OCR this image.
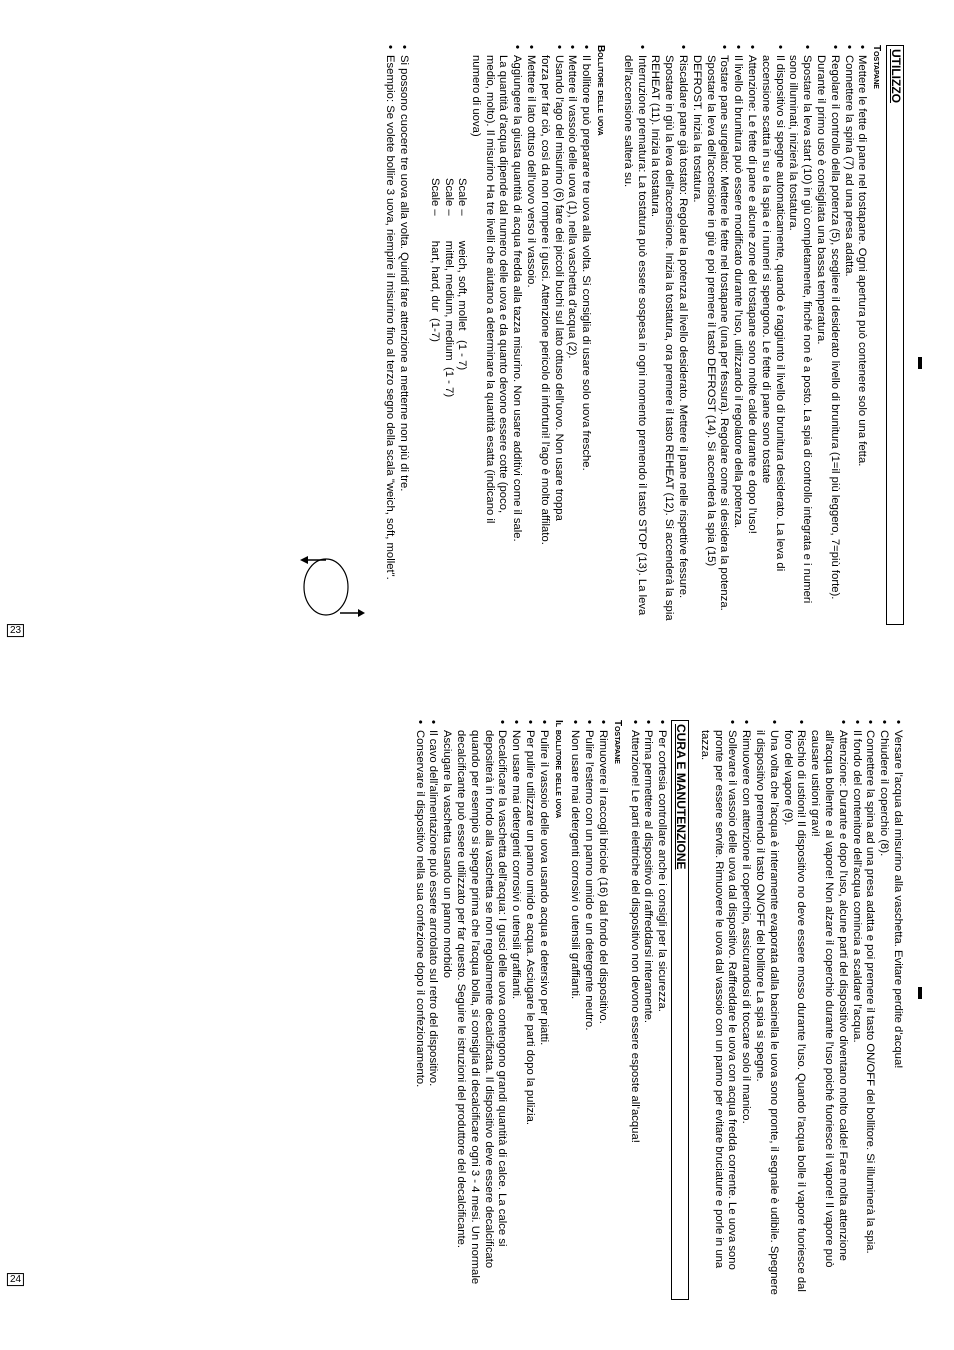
UTILIZZO
Tostapane
• Mettere le fette di pane nel tostapane. Ogni apertura può contenere solo una fetta.
• Connettere la spina (7) ad una presa adatta.
• Regolare il controllo della potenza (5), scegliere il desiderato livello di brunitura (1=il più leggero, 7=più forte). Durante il primo uso è consigliata una bassa temperatura.
• Spostare la leva start (10) in giù completamente, finché non è a posto. La spia di controllo integrata e i numeri sono illuminati, inizierà la tostatura.
• Il dispositivo si spegne automaticamente, quando è raggiunto il livello di brunitura desiderato. La leva di accensione scatta in su e la spia e i numeri si spengono. Le fette di pane sono tostate
• Attenzione: Le fette di pane e alcune zone del tostapane sono molte calde durante e dopo l'uso!
• Il livello di brunitura può essere modificato durante l'uso, utilizzando il regolatore della potenza.
• Tostare pane surgelato: Mettere le fette nel tostapane (una per fessura). Regolare come si desidera la potenza. Spostare la leva dell'accensione in giù e poi premere il tasto DEFROST (14). Si accenderà la spia (15) DEFROST. Inizia la tostatura.
• Riscaldare pane già tostato: Regolare la potenza al livello desiderato. Mettere il pane nelle rispettive fessure. Spostare in giù la leva dell'accensione. Inizia la tostatura, ora premere il tasto REHEAT (12). Si accenderà la spia REHEAT (11). Inizia la tostatura.
• Interruzione prematura: La tostatura può essere sospesa in ogni momento premendo il tasto STOP (13). La leva dell'accensione salterà su.
Bollitore delle uova
• Il bollitore può preparare tre uova alla volta. Si consiglia di usare solo uova fresche.
• Mettere il vassoio delle uova (1), nella vaschetta d'acqua (2).
• Usando l'ago del misurino (6) fare dei piccoli buchi sul lato ottuso dell'uovo. Non usare troppa forza per far ciò, così da non rompere i gusci. Attenzione pericolo di infortuni! l'ago è molto affilato.
• Mettere il lato ottuso dell'uovo verso il vassoio.
• Aggiungere la giusta quantità di acqua fredda alla tazza misurino. Non usare additivi come il sale. La quantità d'acqua dipende dal numero delle uova e da quanto devono essere cotte (poco, medio, molto). Il misurino Ha tre livelli che aiutano a determinare la quantità esatta (indicano il numero di uova)
Scale –        weich, soft, mollet   (1 - 7)
Scale –        mittel, medium, medium  (1 - 7)
Scale –        hart, hard, dur  (1-7)
• Si possono cuocere tre uova alla volta. Quindi fare attenzione a metterne non più di tre.
• Esempio: Se volete bollire 3 uova, riempire il misurino fino al terzo segno della scala "weich, soft, mollet".
23
• Versare l'acqua dal misurino alla vaschetta. Evitare perdite d'acqua!
• Chiudere il coperchio (8).
• Connettere la spina ad una presa adatta e poi premere il tasto ON/OFF del bollitore. Si illuminerà la spia.
• Il fondo del contenitore dell'acqua comincia a scaldare l'acqua.
• Attenzione: Durante e dopo l'uso, alcune parti del dispositivo diventano molto calde! Fare molta attenzione all'acqua bollente e al vapore! Non alzare il coperchio durante l'uso poiché fuoriesce il vapore! Il vapore può causare ustioni gravi!
• Rischio di ustioni! Il dispositivo no deve essere mosso durante l'uso. Quando l'acqua bolle il vapore fuoriesce dal foro del vapore (9).
• Una volta che l'acqua è interamente evaporata dalla bacinella le uova sono pronte, il segnale è udibile. Spegnere il dispositivo premendo il tasto ON/OFF del bollitore La spia si spegne.
• Rimuovere con attenzione il coperchio, assicurandosi di toccare solo il manico.
• Sollevare il vassoio delle uova dal dispositivo. Raffreddare le uova con acqua fredda corrente. Le uova sono pronte per essere servite. Rimuovere le uova dal vassoio con un panno per evitare bruciature e porle in una tazza.
CURA E MANUTENZIONE
• Per cortesia controllare anche i consigli per la sicurezza.
• Prima permettere al dispositivo di raffreddarsi interamente.
• Attenzione! Le parti elettriche del dispositivo non devono essere esposte all'acqua!
Tostapane
• Rimuovere il raccogli briciole (16) dal fondo del dispositivo.
• Pulire l'esterno con un panno umido e un detergente neutro.
• Non usare mai detergenti corrosivi o utensili graffianti.
Il bollitore delle uova
• Pulire il vassoio delle uova usando acqua e detersivo per piatti.
• Per pulire utilizzare un panno umido e acqua. Asciugare le parti dopo la pulizia.
• Non usare mai detergenti corrosivi o utensili graffianti.
• Decalcificare la vaschetta dell'acqua: I gusci delle uova contengono grandi quantità di calce. La calce si depositerà in fondo alla vaschetta se non regolarmente decalcificata. Il dispositivo deve essere decalcificato quando per esempio si spegne prima che l'acqua bolla, si consiglia di decalcificare ogni 3 - 4 mesi. Un normale decalcificante può essere utilizzato per far questo. Seguire le istruzioni del produttore del decalcificante. Asciugare la vaschetta usando un panno morbido
• Il cavo dell'alimentazione può essere arrotolato sul retro del dispositivo.
• Conservare il dispositivo nella sua confezione dopo il confezionamento.
24
